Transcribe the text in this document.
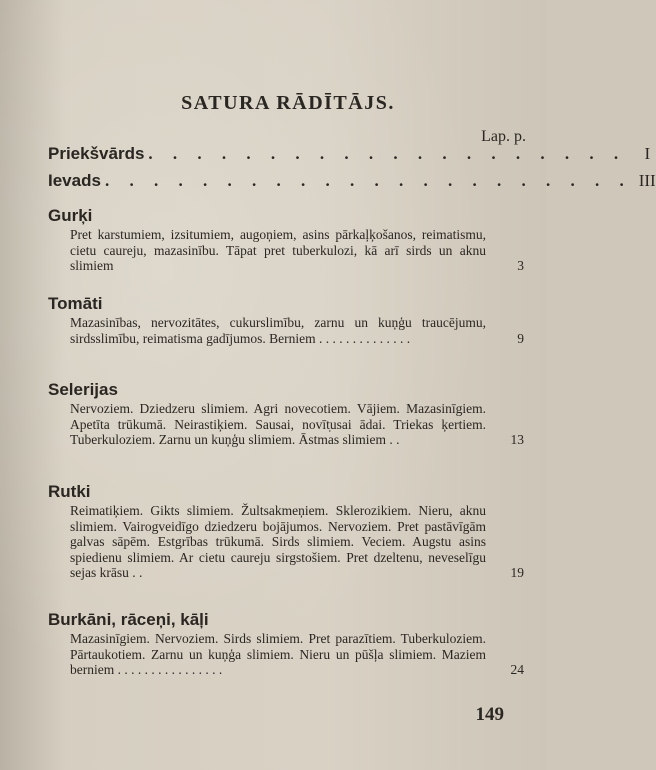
SATURA RĀDĪTĀJS.
Lap. p.
Priekšvārds . . . . . . . . . . . . . . . . . . . .	I
Ievads . . . . . . . . . . . . . . . . . . . . . . III
Gurķi
Pret karstumiem, izsitumiem, augoņiem, asins pārkaļķošanos, reimatismu, cietu caureju, mazasinību. Tāpat pret tuberkulozi, kā arī sirds un aknu slimiem	3
Tomāti
Mazasinības, nervozitātes, cukurslimību, zarnu un kuņģu traucējumu, sirdsslimību, reimatisma gadījumos. Berniem . . . . . . . . . . . . . .	9
Selerijas
Nervoziem. Dziedzeru slimiem. Agri novecotiem. Vājiem. Mazasinīgiem. Apetīta trūkumā. Neirastiķiem. Sausai, novīt̩usai ādai. Triekas ķertiem. Tuberkuloziem. Zarnu un kuņģu slimiem. Āstmas slimiem . .	13
Rutki
Reimatiķiem. Gikts slimiem. Žultsakmeņiem. Sklerozikiem. Nieru, aknu slimiem. Vairogveidīgo dziedzeru bojājumos. Nervoziem. Pret pastāvīgām galvas sāpēm. Estgrības trūkumā. Sirds slimiem. Veciem. Augstu asins spiedienu slimiem. Ar cietu caureju sirgstošiem. Pret dzeltenu, neveselīgu sejas krāsu . .	19
Burkāni, rāceņi, kāļi
Mazasinīgiem. Nervoziem. Sirds slimiem. Pret parazītiem. Tuberkuloziem. Pārtaukotiem. Zarnu un kuņģa slimiem. Nieru un pūšļa slimiem. Maziem berniem . . . . . . . . . . . . . . . .	24
149
